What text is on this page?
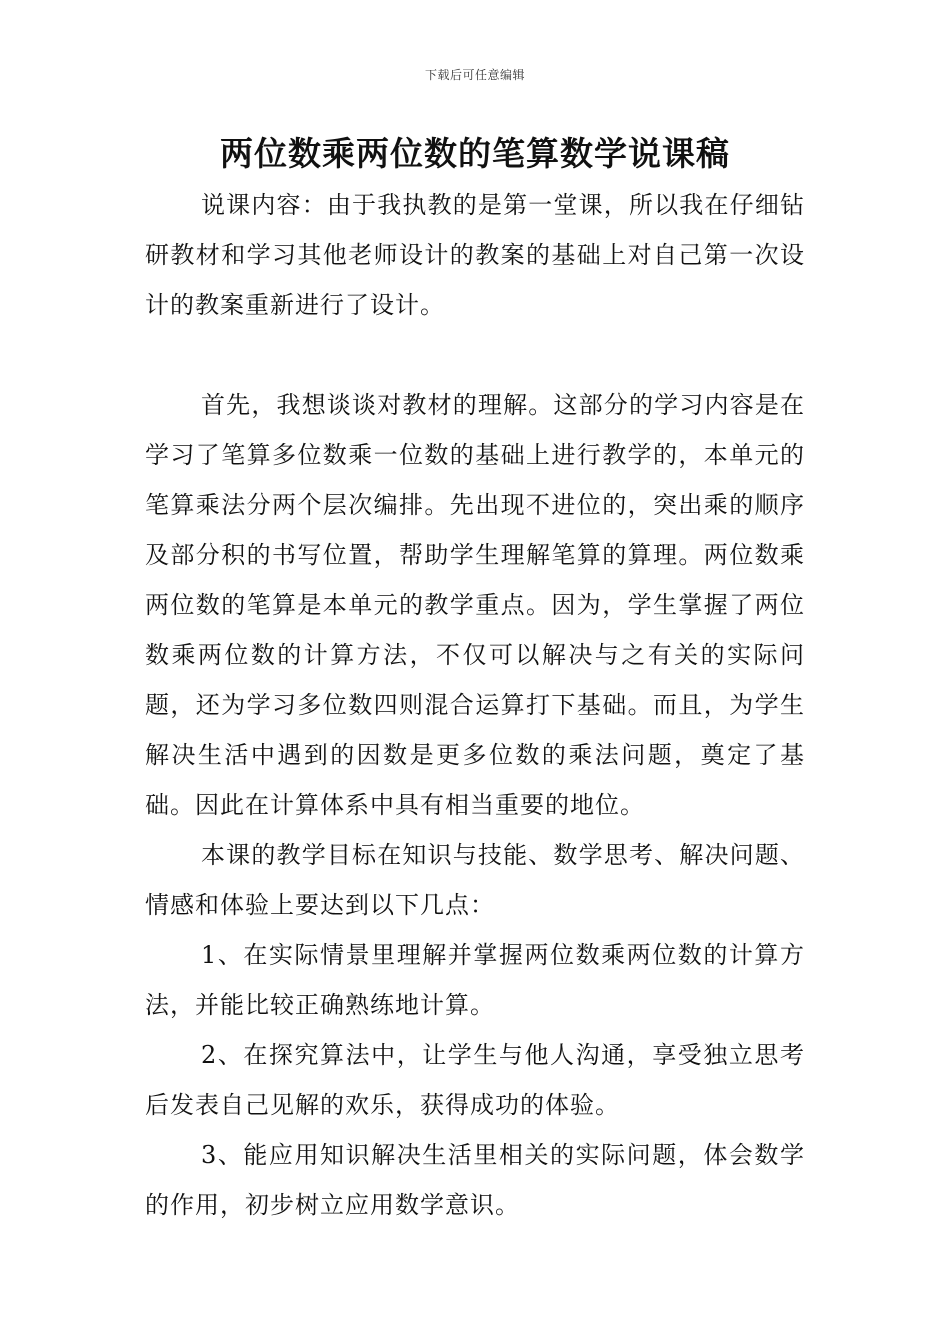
下载后可任意编辑
两位数乘两位数的笔算数学说课稿

说课内容：由于我执教的是第一堂课，所以我在仔细钻研教材和学习其他老师设计的教案的基础上对自己第一次设计的教案重新进行了设计。

首先，我想谈谈对教材的理解。这部分的学习内容是在学习了笔算多位数乘一位数的基础上进行教学的，本单元的笔算乘法分两个层次编排。先出现不进位的，突出乘的顺序及部分积的书写位置，帮助学生理解笔算的算理。两位数乘两位数的笔算是本单元的教学重点。因为，学生掌握了两位数乘两位数的计算方法，不仅可以解决与之有关的实际问题，还为学习多位数四则混合运算打下基础。而且，为学生解决生活中遇到的因数是更多位数的乘法问题，奠定了基础。因此在计算体系中具有相当重要的地位。

本课的教学目标在知识与技能、数学思考、解决问题、情感和体验上要达到以下几点：

1、在实际情景里理解并掌握两位数乘两位数的计算方法，并能比较正确熟练地计算。

2、在探究算法中，让学生与他人沟通，享受独立思考后发表自己见解的欢乐，获得成功的体验。

3、能应用知识解决生活里相关的实际问题，体会数学的作用，初步树立应用数学意识。
